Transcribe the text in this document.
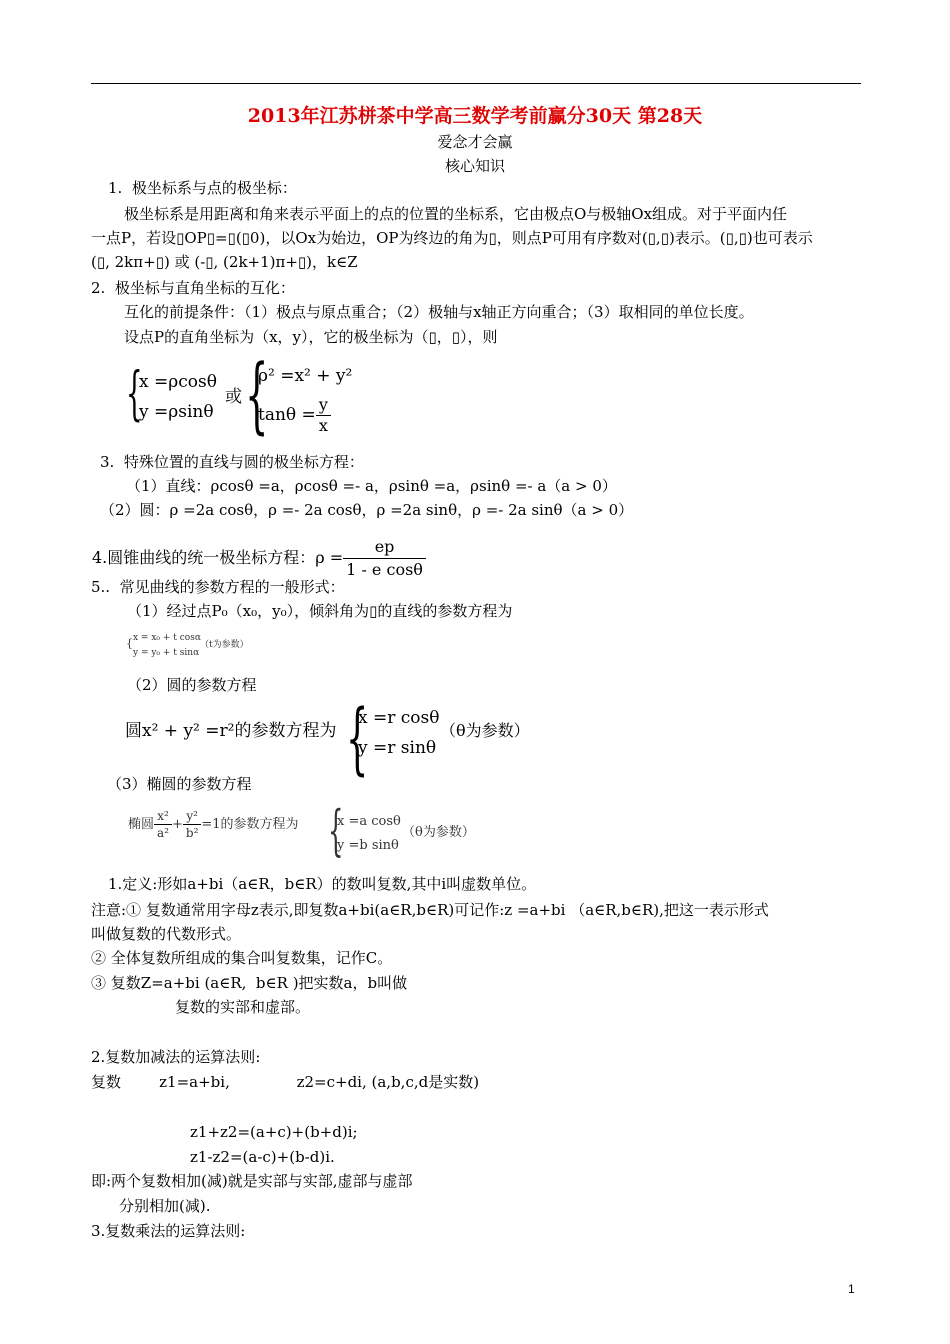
2013年江苏栟茶中学高三数学考前赢分30天 第28天
爱念才会赢
核心知识
1.  极坐标系与点的极坐标：
极坐标系是用距离和角来表示平面上的点的位置的坐标系，它由极点O与极轴Ox组成。对于平面内任
一点P，若设▯OP▯=▯(▯0)，以Ox为始边，OP为终边的角为▯，则点P可用有序数对(▯,▯)表示。(▯,▯)也可表示
(▯, 2kπ+▯) 或 (-▯, (2k+1)π+▯)，k∈Z
2.  极坐标与直角坐标的互化：
互化的前提条件：（1）极点与原点重合；（2）极轴与x轴正方向重合；（3）取相同的单位长度。
设点P的直角坐标为（x，y），它的极坐标为（▯，▯），则
{
x =ρcosθ
y =ρsinθ
或 {
ρ² =x² + y²
$\tan\theta = \frac{y}{x}$
3.  特殊位置的直线与圆的极坐标方程：
（1）直线：ρcosθ =a，ρcosθ =- a，ρsinθ =a，ρsinθ =- a（a > 0）
（2）圆：ρ =2a cosθ，ρ =- 2a cosθ，ρ =2a sinθ，ρ =- 2a sinθ（a > 0）
4.圆锥曲线的统一极坐标方程：$\rho = \frac{ep}{\text{1 - e cosθ}}$
5..  常见曲线的参数方程的一般形式：
（1）经过点P₀（x₀，y₀），倾斜角为▯的直线的参数方程为
{ x = x₀ + t cosα
y = y₀ + t sinα
（t为参数）
（2）圆的参数方程
圆x² + y² =r²的参数方程为 {
x =r cosθ
y =r sinθ
（θ为参数）
（3）椭圆的参数方程
椭圆 $\frac{\text{x²}}{\text{a²}} + \frac{\text{y²}}{\text{b²}} =1$的参数方程为 {
x =a cosθ
y =b sinθ
（θ为参数）
1.定义:形如a+bi（a∈R，b∈R）的数叫复数,其中i叫虚数单位。
注意:① 复数通常用字母z表示,即复数a+bi(a∈R,b∈R)可记作:z =a+bi （a∈R,b∈R),把这一表示形式
叫做复数的代数形式。
② 全体复数所组成的集合叫复数集，记作C。
③ 复数Z=a+bi (a∈R,  b∈R )把实数a，b叫做
复数的实部和虚部。
2.复数加减法的运算法则:
复数        z1=a+bi,              z2=c+di, (a,b,c,d是实数)
z1+z2=(a+c)+(b+d)i;
z1-z2=(a-c)+(b-d)i.
即:两个复数相加(减)就是实部与实部,虚部与虚部
分别相加(减).
3.复数乘法的运算法则:
1
